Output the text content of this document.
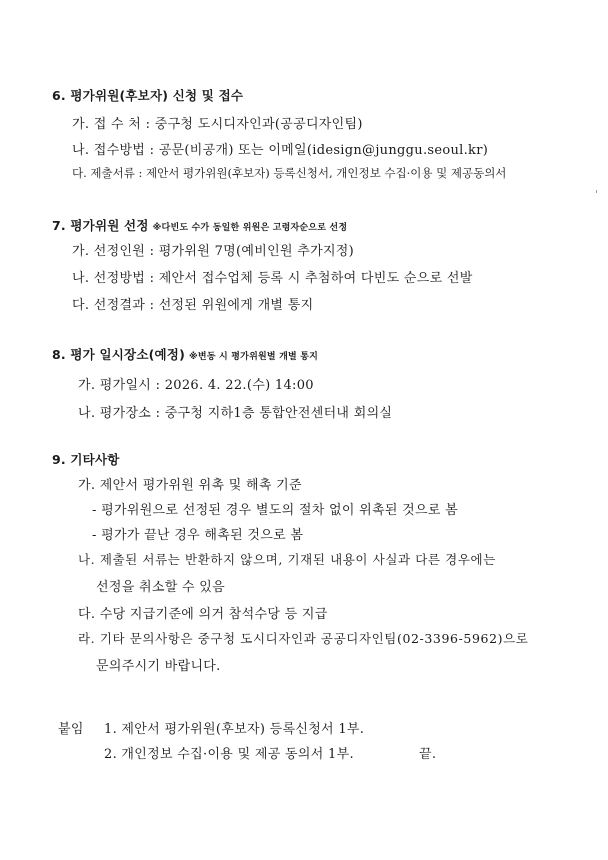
6. 평가위원(후보자) 신청 및 접수
가. 접 수 처 : 중구청 도시디자인과(공공디자인팀)
나. 접수방법 : 공문(비공개) 또는 이메일(idesign@junggu.seoul.kr)
다. 제출서류 : 제안서 평가위원(후보자) 등록신청서, 개인정보 수집·이용 및 제공동의서
7. 평가위원 선정 ※다빈도 수가 동일한 위원은 고령자순으로 선정
가. 선정인원 : 평가위원 7명(예비인원 추가지정)
나. 선정방법 : 제안서 접수업체 등록 시 추첨하여 다빈도 순으로 선발
다. 선정결과 : 선정된 위원에게 개별 통지
8. 평가 일시장소(예정) ※변동 시 평가위원별 개별 통지
가. 평가일시 : 2026. 4. 22.(수) 14:00
나. 평가장소 : 중구청 지하1층 통합안전센터내 회의실
9. 기타사항
가. 제안서 평가위원 위촉 및 해촉 기준
- 평가위원으로 선정된 경우 별도의 절차 없이 위촉된 것으로 봄
- 평가가 끝난 경우 해촉된 것으로 봄
나. 제출된 서류는 반환하지 않으며, 기재된 내용이 사실과 다른 경우에는
선정을 취소할 수 있음
다. 수당 지급기준에 의거 참석수당 등 지급
라. 기타 문의사항은 중구청 도시디자인과 공공디자인팀(02-3396-5962)으로
문의주시기 바랍니다.
붙임 1. 제안서 평가위원(후보자) 등록신청서 1부.
2. 개인정보 수집·이용 및 제공 동의서 1부.	끝.
